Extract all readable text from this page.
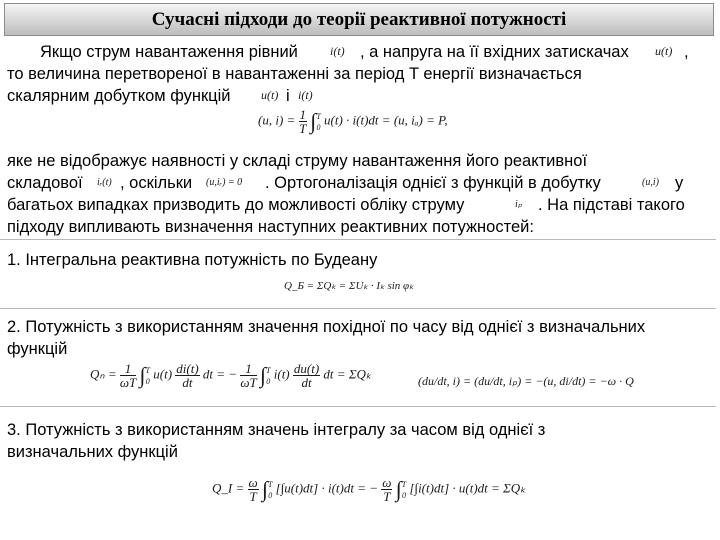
Сучасні підходи до теорії реактивної потужності
Якщо струм навантаження рівний	i(t) , а напруга на її вхідних затискачах	u(t) ,
то величина перетвореної в навантаженні за період T енергії визначається
скалярним добутком функцій	u(t) і i(t)
(u, $i) = \frac{1}{T} \int T$
0 u(t) · i(t)dt = (u, iₐ) = P,
яке не відображує наявності у складі струму навантаження його реактивної
складової	iᵣ(t) , оскільки	(u,iᵣ) = 0 . Ортогоналізація однієї з функцій в добутку	(u,i) у
багатьох випадках призводить до можливості обліку струму	iₚ . На підставі такого
підходу випливають визначення наступних реактивних потужностей:
1. Інтегральна реактивна потужність по Будеану
Q_Б = ΣQₖ = ΣUₖ · Iₖ sin φₖ
2. Потужність з використанням значення похідної по часу від однієї з визначальних
функцій
$Q_n = \frac{1}{\omega T} \int T$
0 $u(t) \frac{di(t)}{dt}$ dt = − $\frac{1}{\omega T} \int T$
0 $i(t) \frac{du(t)}{dt}$ dt = ΣQₖ	(du/dt, i) = (du/dt, iₚ) = −(u, di/dt) = −ω · Q
3. Потужність з використанням значень інтегралу за часом від однієї з
визначальних функцій
Q_I = $\frac{\omega}{T} \int T$
0 [∫u(t)dt] · i(t)dt = − $\frac{\omega}{T} \int T$
0 [∫i(t)dt] · u(t)dt = ΣQₖ
